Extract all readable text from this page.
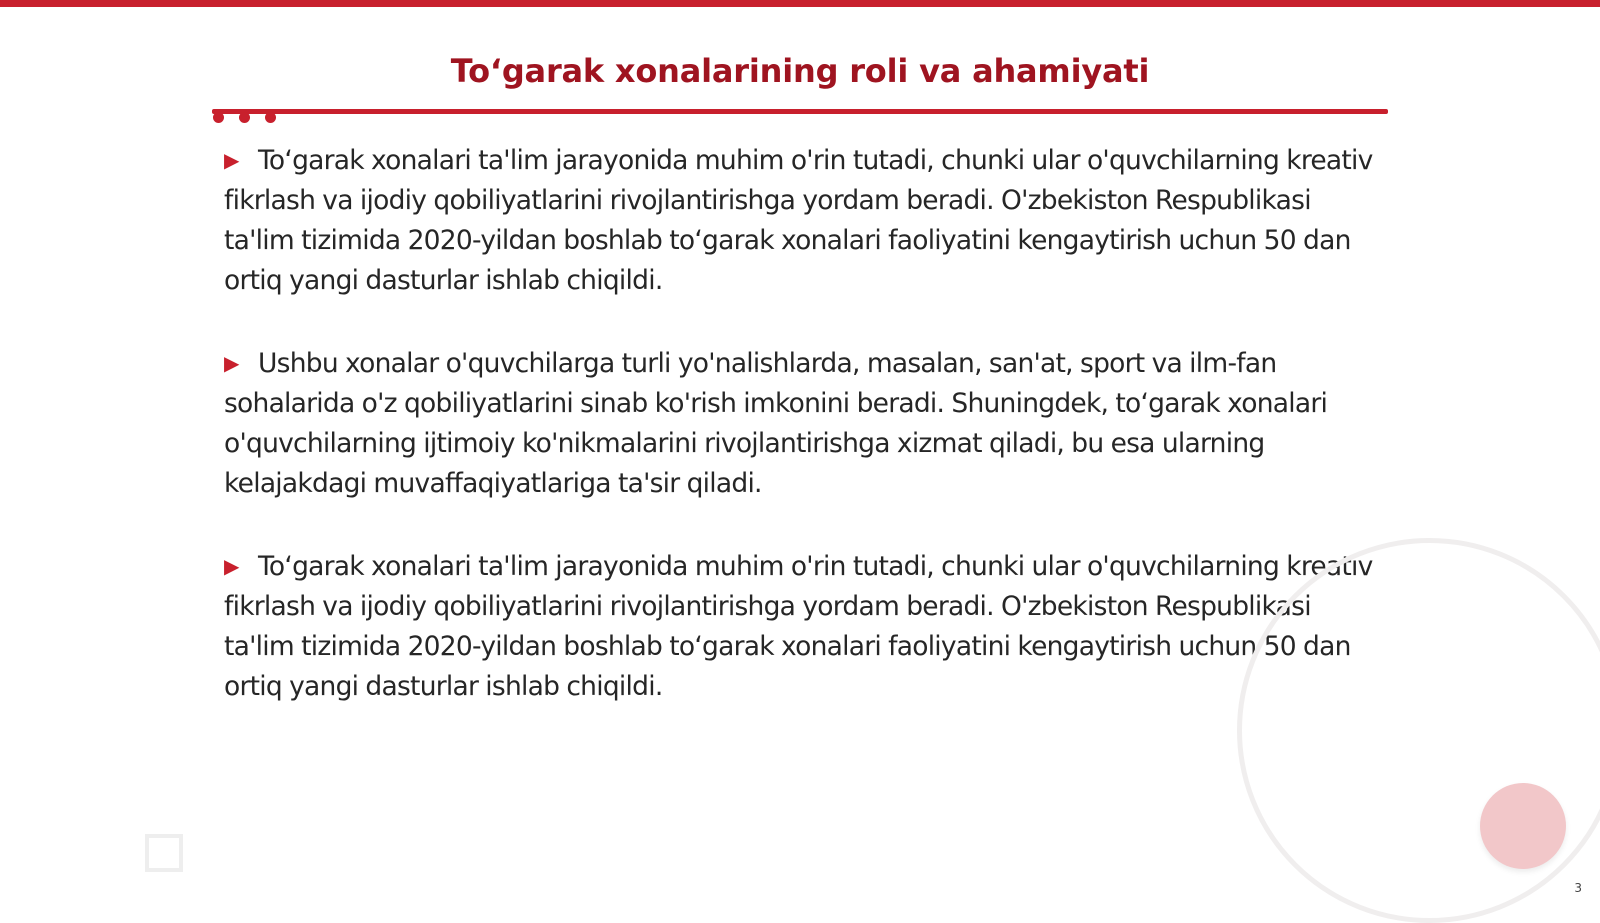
To‘garak xonalarining roli va ahamiyati

▶ To‘garak xonalari ta'lim jarayonida muhim o'rin tutadi, chunki ular o'quvchilarning kreativ fikrlash va ijodiy qobiliyatlarini rivojlantirishga yordam beradi. O'zbekiston Respublikasi ta'lim tizimida 2020-yildan boshlab to‘garak xonalari faoliyatini kengaytirish uchun 50 dan ortiq yangi dasturlar ishlab chiqildi.

▶ Ushbu xonalar o'quvchilarga turli yo'nalishlarda, masalan, san'at, sport va ilm-fan sohalarida o'z qobiliyatlarini sinab ko'rish imkonini beradi. Shuningdek, to‘garak xonalari o'quvchilarning ijtimoiy ko'nikmalarini rivojlantirishga xizmat qiladi, bu esa ularning kelajakdagi muvaffaqiyatlariga ta'sir qiladi.

▶ To‘garak xonalari ta'lim jarayonida muhim o'rin tutadi, chunki ular o'quvchilarning kreativ fikrlash va ijodiy qobiliyatlarini rivojlantirishga yordam beradi. O'zbekiston Respublikasi ta'lim tizimida 2020-yildan boshlab to‘garak xonalari faoliyatini kengaytirish uchun 50 dan ortiq yangi dasturlar ishlab chiqildi.

3
